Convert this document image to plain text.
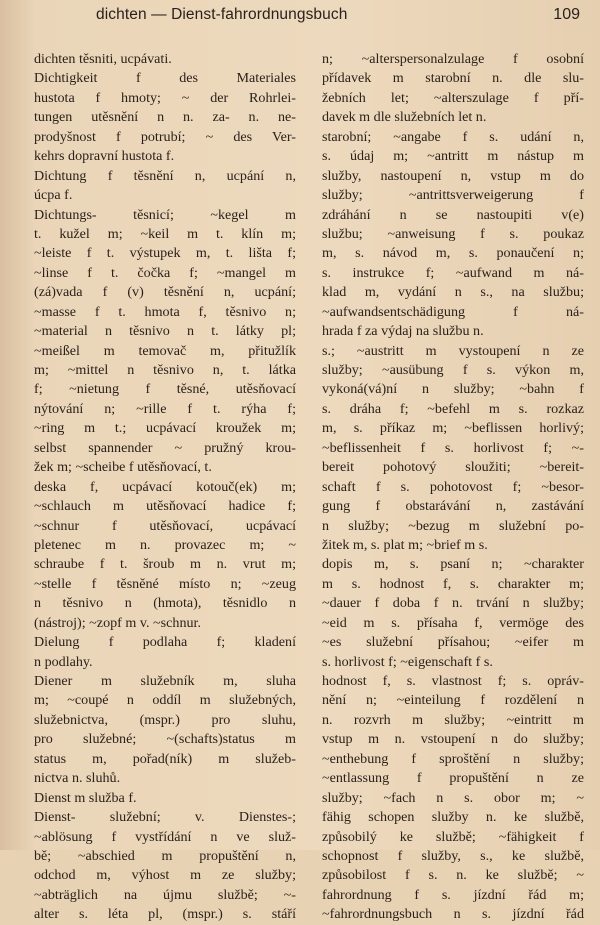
dichten — Dienst-fahrordnungsbuch	109
dichten těsniti, ucpávati.
Dichtigkeit f des Materiales
hustota f hmoty; ~ der Rohrlei-
tungen utěsnění n n. za- n. ne-
prodyšnost f potrubí; ~ des Ver-
kehrs dopravní hustota f.
Dichtung f těsnění n, ucpání n,
úcpa f.
Dichtungs- těsnicí; ~kegel m
t. kužel m; ~keil m t. klín m;
~leiste f t. výstupek m, t. lišta f;
~linse f t. čočka f; ~mangel m
(zá)vada f (v) těsnění n, ucpání;
~masse f t. hmota f, těsnivo n;
~material n těsnivo n t. látky pl;
~meißel m temovač m, přitužlík
m; ~mittel n těsnivo n, t. látka
f; ~nietung f těsné, utěsňovací
nýtování n; ~rille f t. rýha f;
~ring m t.; ucpávací kroužek m;
selbst spannender ~ pružný krou-
žek m; ~scheibe f utěsňovací, t.
deska f, ucpávací kotouč(ek) m;
~schlauch m utěsňovací hadice f;
~schnur f utěsňovací, ucpávací
pletenec m n. provazec m; ~
schraube f t. šroub m n. vrut m;
~stelle f těsněné místo n; ~zeug
n těsnivo n (hmota), těsnidlo n
(nástroj); ~zopf m v. ~schnur.
Dielung f podlaha f; kladení
n podlahy.
Diener m služebník m, sluha
m; ~coupé n oddíl m služebných,
služebnictva, (mspr.) pro sluhu,
pro služebné; ~(schafts)status m
status m, pořad(ník) m služeb-
nictva n. sluhů.
Dienst m služba f.
Dienst- služební; v. Dienstes-;
~ablösung f vystřídání n ve služ-
bě; ~abschied m propuštění n,
odchod m, výhost m ze služby;
~abträglich na újmu službě; ~-
alter s. léta pl, (mspr.) s. stáří
n; ~alterspersonalzulage f osobní
přídavek m starobní n. dle slu-
žebních let; ~alterszulage f pří-
davek m dle služebních let n.
starobní; ~angabe f s. udání n,
s. údaj m; ~antritt m nástup m
služby, nastoupení n, vstup m do
služby; ~antrittsverweigerung f
zdráhání n se nastoupiti v(e)
službu; ~anweisung f s. poukaz
m, s. návod m, s. ponaučení n;
s. instrukce f; ~aufwand m ná-
klad m, vydání n s., na službu;
~aufwandsentschädigung f ná-
hrada f za výdaj na službu n.
s.; ~austritt m vystoupení n ze
služby; ~ausübung f s. výkon m,
vykoná(vá)ní n služby; ~bahn f
s. dráha f; ~befehl m s. rozkaz
m, s. příkaz m; ~beflissen horlivý;
~beflissenheit f s. horlivost f; ~-
bereit pohotový sloužiti; ~bereit-
schaft f s. pohotovost f; ~besor-
gung f obstarávání n, zastávání
n služby; ~bezug m služební po-
žitek m, s. plat m; ~brief m s.
dopis m, s. psaní n; ~charakter
m s. hodnost f, s. charakter m;
~dauer f doba f n. trvání n služby;
~eid m s. přísaha f, vermöge des
~es služební přísahou; ~eifer m
s. horlivost f; ~eigenschaft f s.
hodnost f, s. vlastnost f; s. opráv-
nění n; ~einteilung f rozdělení n
n. rozvrh m služby; ~eintritt m
vstup m n. vstoupení n do služby;
~enthebung f sproštění n služby;
~entlassung f propuštění n ze
služby; ~fach n s. obor m; ~
fähig schopen služby n. ke službě,
způsobilý ke službě; ~fähigkeit f
schopnost f služby, s., ke službě,
způsobilost f s. n. ke službě; ~
fahrordnung f s. jízdní řád m;
~fahrordnungsbuch n s. jízdní řád
